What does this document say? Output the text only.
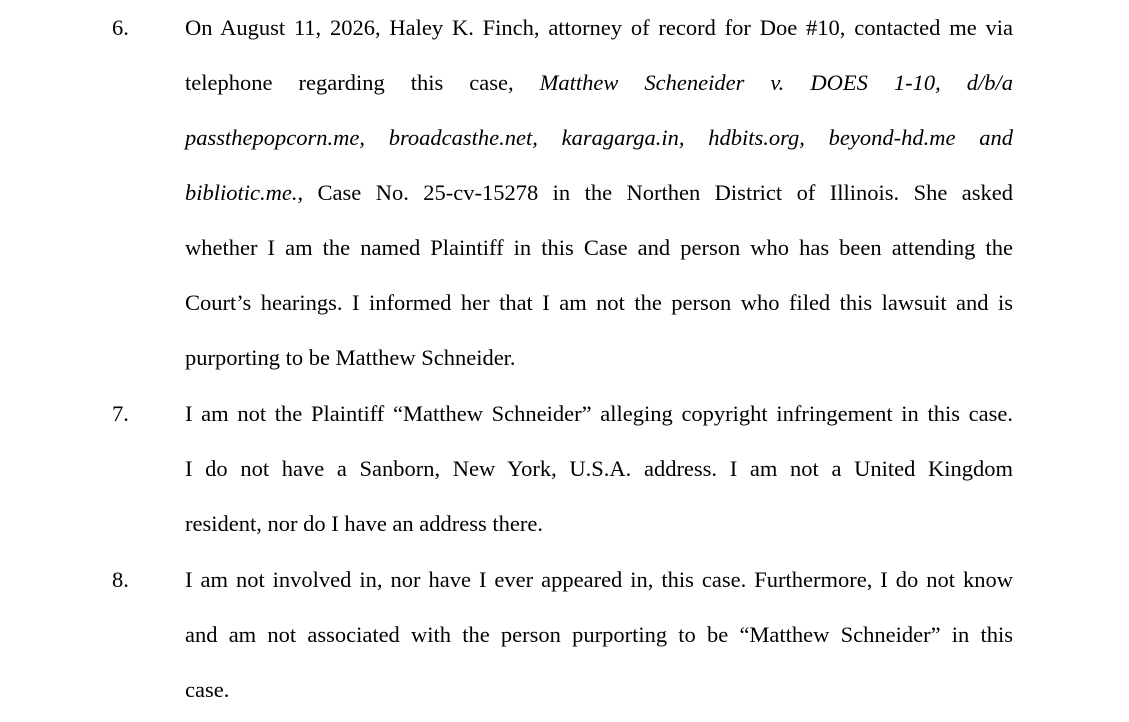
6. On August 11, 2026, Haley K. Finch, attorney of record for Doe #10, contacted me via
telephone regarding this case, Matthew Scheneider v. DOES 1-10, d/b/a
passthepopcorn.me, broadcasthe.net, karagarga.in, hdbits.org, beyond-hd.me and
bibliotic.me., Case No. 25-cv-15278 in the Northen District of Illinois. She asked
whether I am the named Plaintiff in this Case and person who has been attending the
Court’s hearings. I informed her that I am not the person who filed this lawsuit and is
purporting to be Matthew Schneider.
7. I am not the Plaintiff “Matthew Schneider” alleging copyright infringement in this case.
I do not have a Sanborn, New York, U.S.A. address. I am not a United Kingdom
resident, nor do I have an address there.
8. I am not involved in, nor have I ever appeared in, this case. Furthermore, I do not know
and am not associated with the person purporting to be “Matthew Schneider” in this
case.
